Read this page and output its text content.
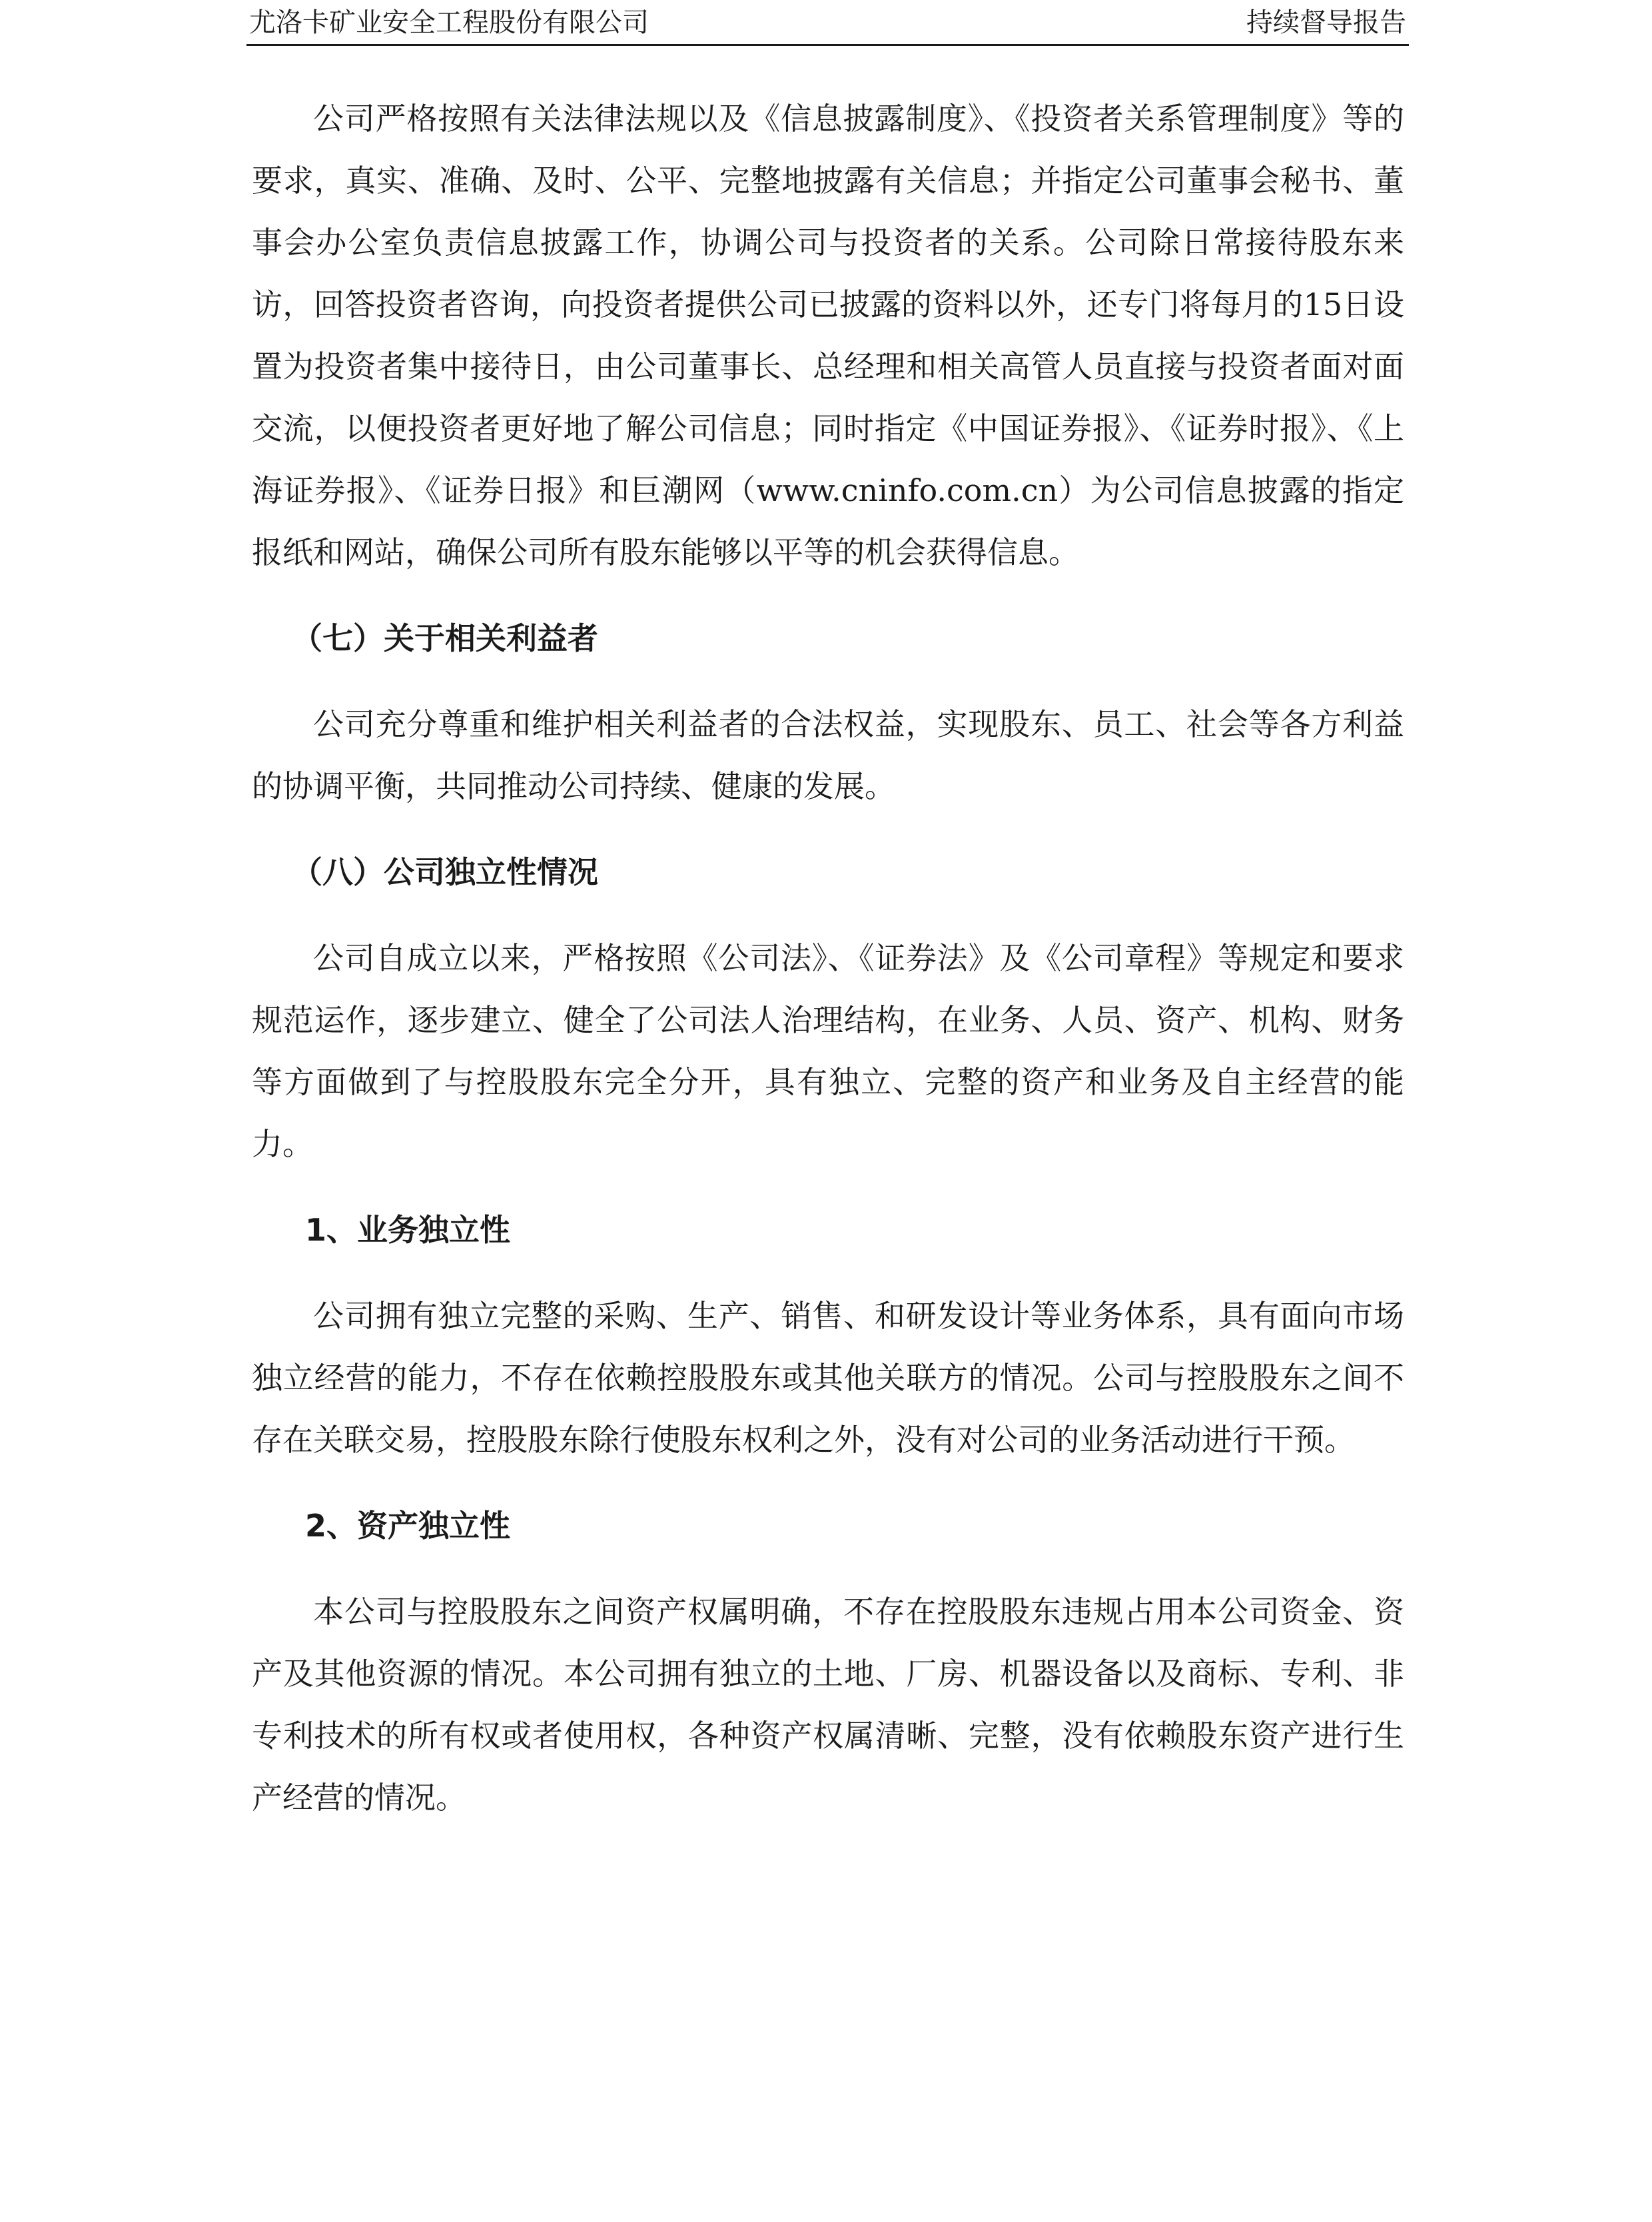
尤洛卡矿业安全工程股份有限公司	持续督导报告

公司严格按照有关法律法规以及《信息披露制度》、《投资者关系管理制度》等的要求，真实、准确、及时、公平、完整地披露有关信息；并指定公司董事会秘书、董事会办公室负责信息披露工作，协调公司与投资者的关系。公司除日常接待股东来访，回答投资者咨询，向投资者提供公司已披露的资料以外，还专门将每月的15日设置为投资者集中接待日，由公司董事长、总经理和相关高管人员直接与投资者面对面交流，以便投资者更好地了解公司信息；同时指定《中国证券报》、《证券时报》、《上海证券报》、《证券日报》和巨潮网（www.cninfo.com.cn）为公司信息披露的指定报纸和网站，确保公司所有股东能够以平等的机会获得信息。

（七）关于相关利益者

公司充分尊重和维护相关利益者的合法权益，实现股东、员工、社会等各方利益的协调平衡，共同推动公司持续、健康的发展。

（八）公司独立性情况

公司自成立以来，严格按照《公司法》、《证券法》及《公司章程》等规定和要求规范运作，逐步建立、健全了公司法人治理结构，在业务、人员、资产、机构、财务等方面做到了与控股股东完全分开，具有独立、完整的资产和业务及自主经营的能力。

1、业务独立性

公司拥有独立完整的采购、生产、销售、和研发设计等业务体系，具有面向市场独立经营的能力，不存在依赖控股股东或其他关联方的情况。公司与控股股东之间不存在关联交易，控股股东除行使股东权利之外，没有对公司的业务活动进行干预。

2、资产独立性

本公司与控股股东之间资产权属明确，不存在控股股东违规占用本公司资金、资产及其他资源的情况。本公司拥有独立的土地、厂房、机器设备以及商标、专利、非专利技术的所有权或者使用权，各种资产权属清晰、完整，没有依赖股东资产进行生产经营的情况。
